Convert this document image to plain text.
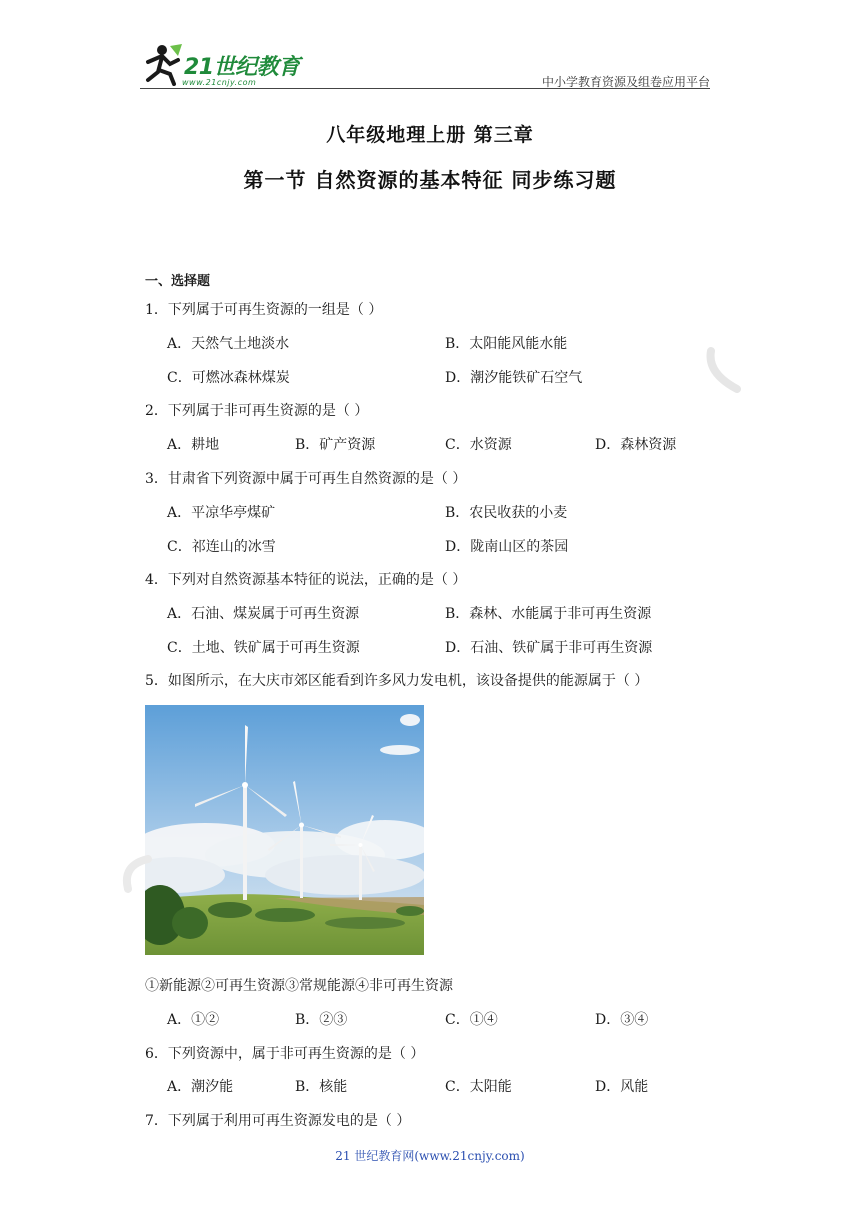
21世纪教育
www.21cnjy.com	中小学教育资源及组卷应用平台
八年级地理上册 第三章
第一节 自然资源的基本特征 同步练习题
一、选择题
1．下列属于可再生资源的一组是（ ）
A．天然气土地淡水	B．太阳能风能水能
C．可燃冰森林煤炭	D．潮汐能铁矿石空气
2．下列属于非可再生资源的是（ ）
A．耕地	B．矿产资源	C．水资源	D．森林资源
3．甘肃省下列资源中属于可再生自然资源的是（ ）
A．平凉华亭煤矿	B．农民收获的小麦
C．祁连山的冰雪	D．陇南山区的茶园
4．下列对自然资源基本特征的说法，正确的是（ ）
A．石油、煤炭属于可再生资源	B．森林、水能属于非可再生资源
C．土地、铁矿属于可再生资源	D．石油、铁矿属于非可再生资源
5．如图所示，在大庆市郊区能看到许多风力发电机，该设备提供的能源属于（ ）
①新能源②可再生资源③常规能源④非可再生资源
A．①②	B．②③	C．①④	D．③④
6．下列资源中，属于非可再生资源的是（ ）
A．潮汐能	B．核能	C．太阳能	D．风能
7．下列属于利用可再生资源发电的是（ ）
21 世纪教育网(www.21cnjy.com)
